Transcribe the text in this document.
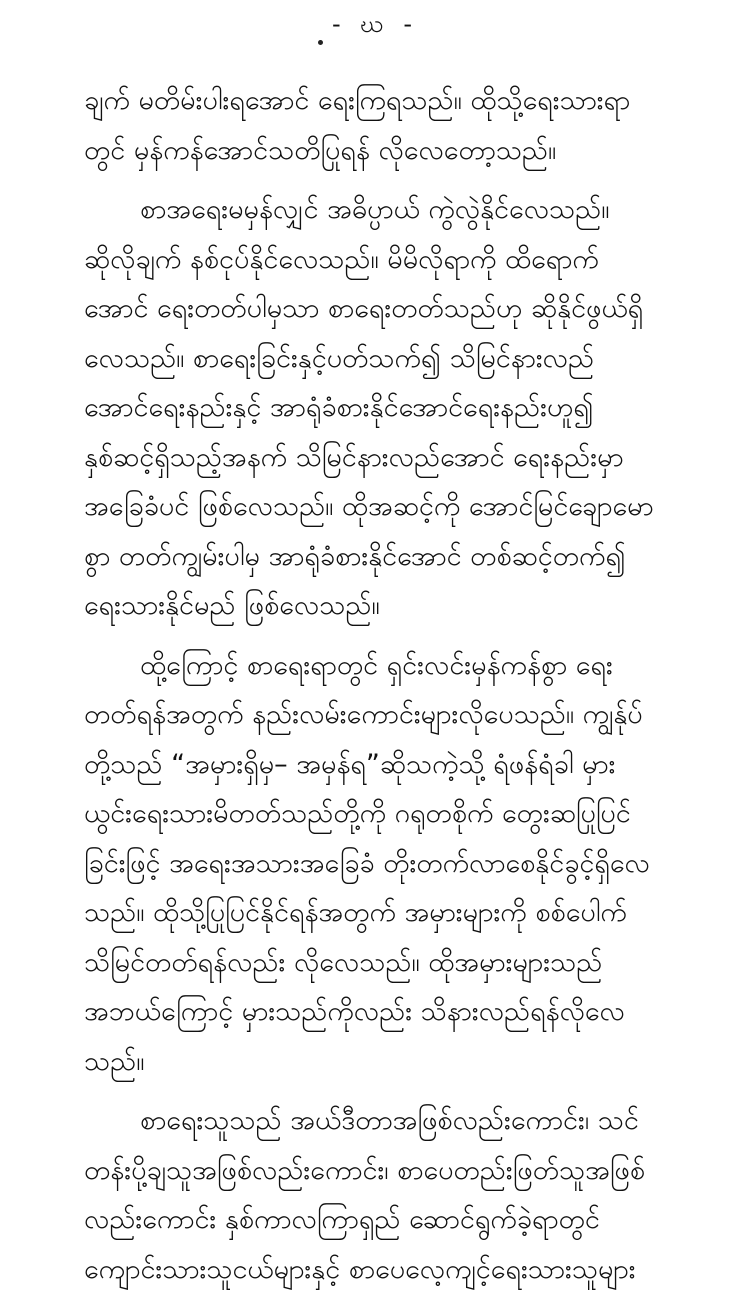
- ဃ -
ချက် မတိမ်းပါးရအောင် ရေးကြရသည်။ ထိုသို့ရေးသားရာ
တွင် မှန်ကန်အောင်သတိပြုရန် လိုလေတော့သည်။
စာအရေးမမှန်လျှင် အဓိပ္ပာယ် ကွဲလွဲနိုင်လေသည်။
ဆိုလိုချက် နစ်ငုပ်နိုင်လေသည်။ မိမိလိုရာကို ထိရောက်
အောင် ရေးတတ်ပါမှသာ စာရေးတတ်သည်ဟု ဆိုနိုင်ဖွယ်ရှိ
လေသည်။ စာရေးခြင်းနှင့်ပတ်သက်၍ သိမြင်နားလည်
အောင်ရေးနည်းနှင့် အာရုံခံစားနိုင်အောင်ရေးနည်းဟူ၍
နှစ်ဆင့်ရှိသည့်အနက် သိမြင်နားလည်အောင် ရေးနည်းမှာ
အခြေခံပင် ဖြစ်လေသည်။ ထိုအဆင့်ကို အောင်မြင်ချောမော
စွာ တတ်ကျွမ်းပါမှ အာရုံခံစားနိုင်အောင် တစ်ဆင့်တက်၍
ရေးသားနိုင်မည် ဖြစ်လေသည်။
ထို့ကြောင့် စာရေးရာတွင် ရှင်းလင်းမှန်ကန်စွာ ရေး
တတ်ရန်အတွက် နည်းလမ်းကောင်းများလိုပေသည်။ ကျွန်ုပ်
တို့သည် “အမှားရှိမှ– အမှန်ရ”ဆိုသကဲ့သို့ ရံဖန်ရံခါ မှား
ယွင်းရေးသားမိတတ်သည်တို့ကို ဂရုတစိုက် တွေးဆပြုပြင်
ခြင်းဖြင့် အရေးအသားအခြေခံ တိုးတက်လာစေနိုင်ခွင့်ရှိလေ
သည်။ ထိုသို့ပြုပြင်နိုင်ရန်အတွက် အမှားများကို စစ်ပေါက်
သိမြင်တတ်ရန်လည်း လိုလေသည်။ ထိုအမှားများသည်
အဘယ်ကြောင့် မှားသည်ကိုလည်း သိနားလည်ရန်လိုလေ
သည်။
စာရေးသူသည် အယ်ဒီတာအဖြစ်လည်းကောင်း၊ သင်
တန်းပို့ချသူအဖြစ်လည်းကောင်း၊ စာပေတည်းဖြတ်သူအဖြစ်
လည်းကောင်း နှစ်ကာလကြာရှည် ဆောင်ရွက်ခဲ့ရာတွင်
ကျောင်းသားသူငယ်များနှင့် စာပေလေ့ကျင့်ရေးသားသူများ
